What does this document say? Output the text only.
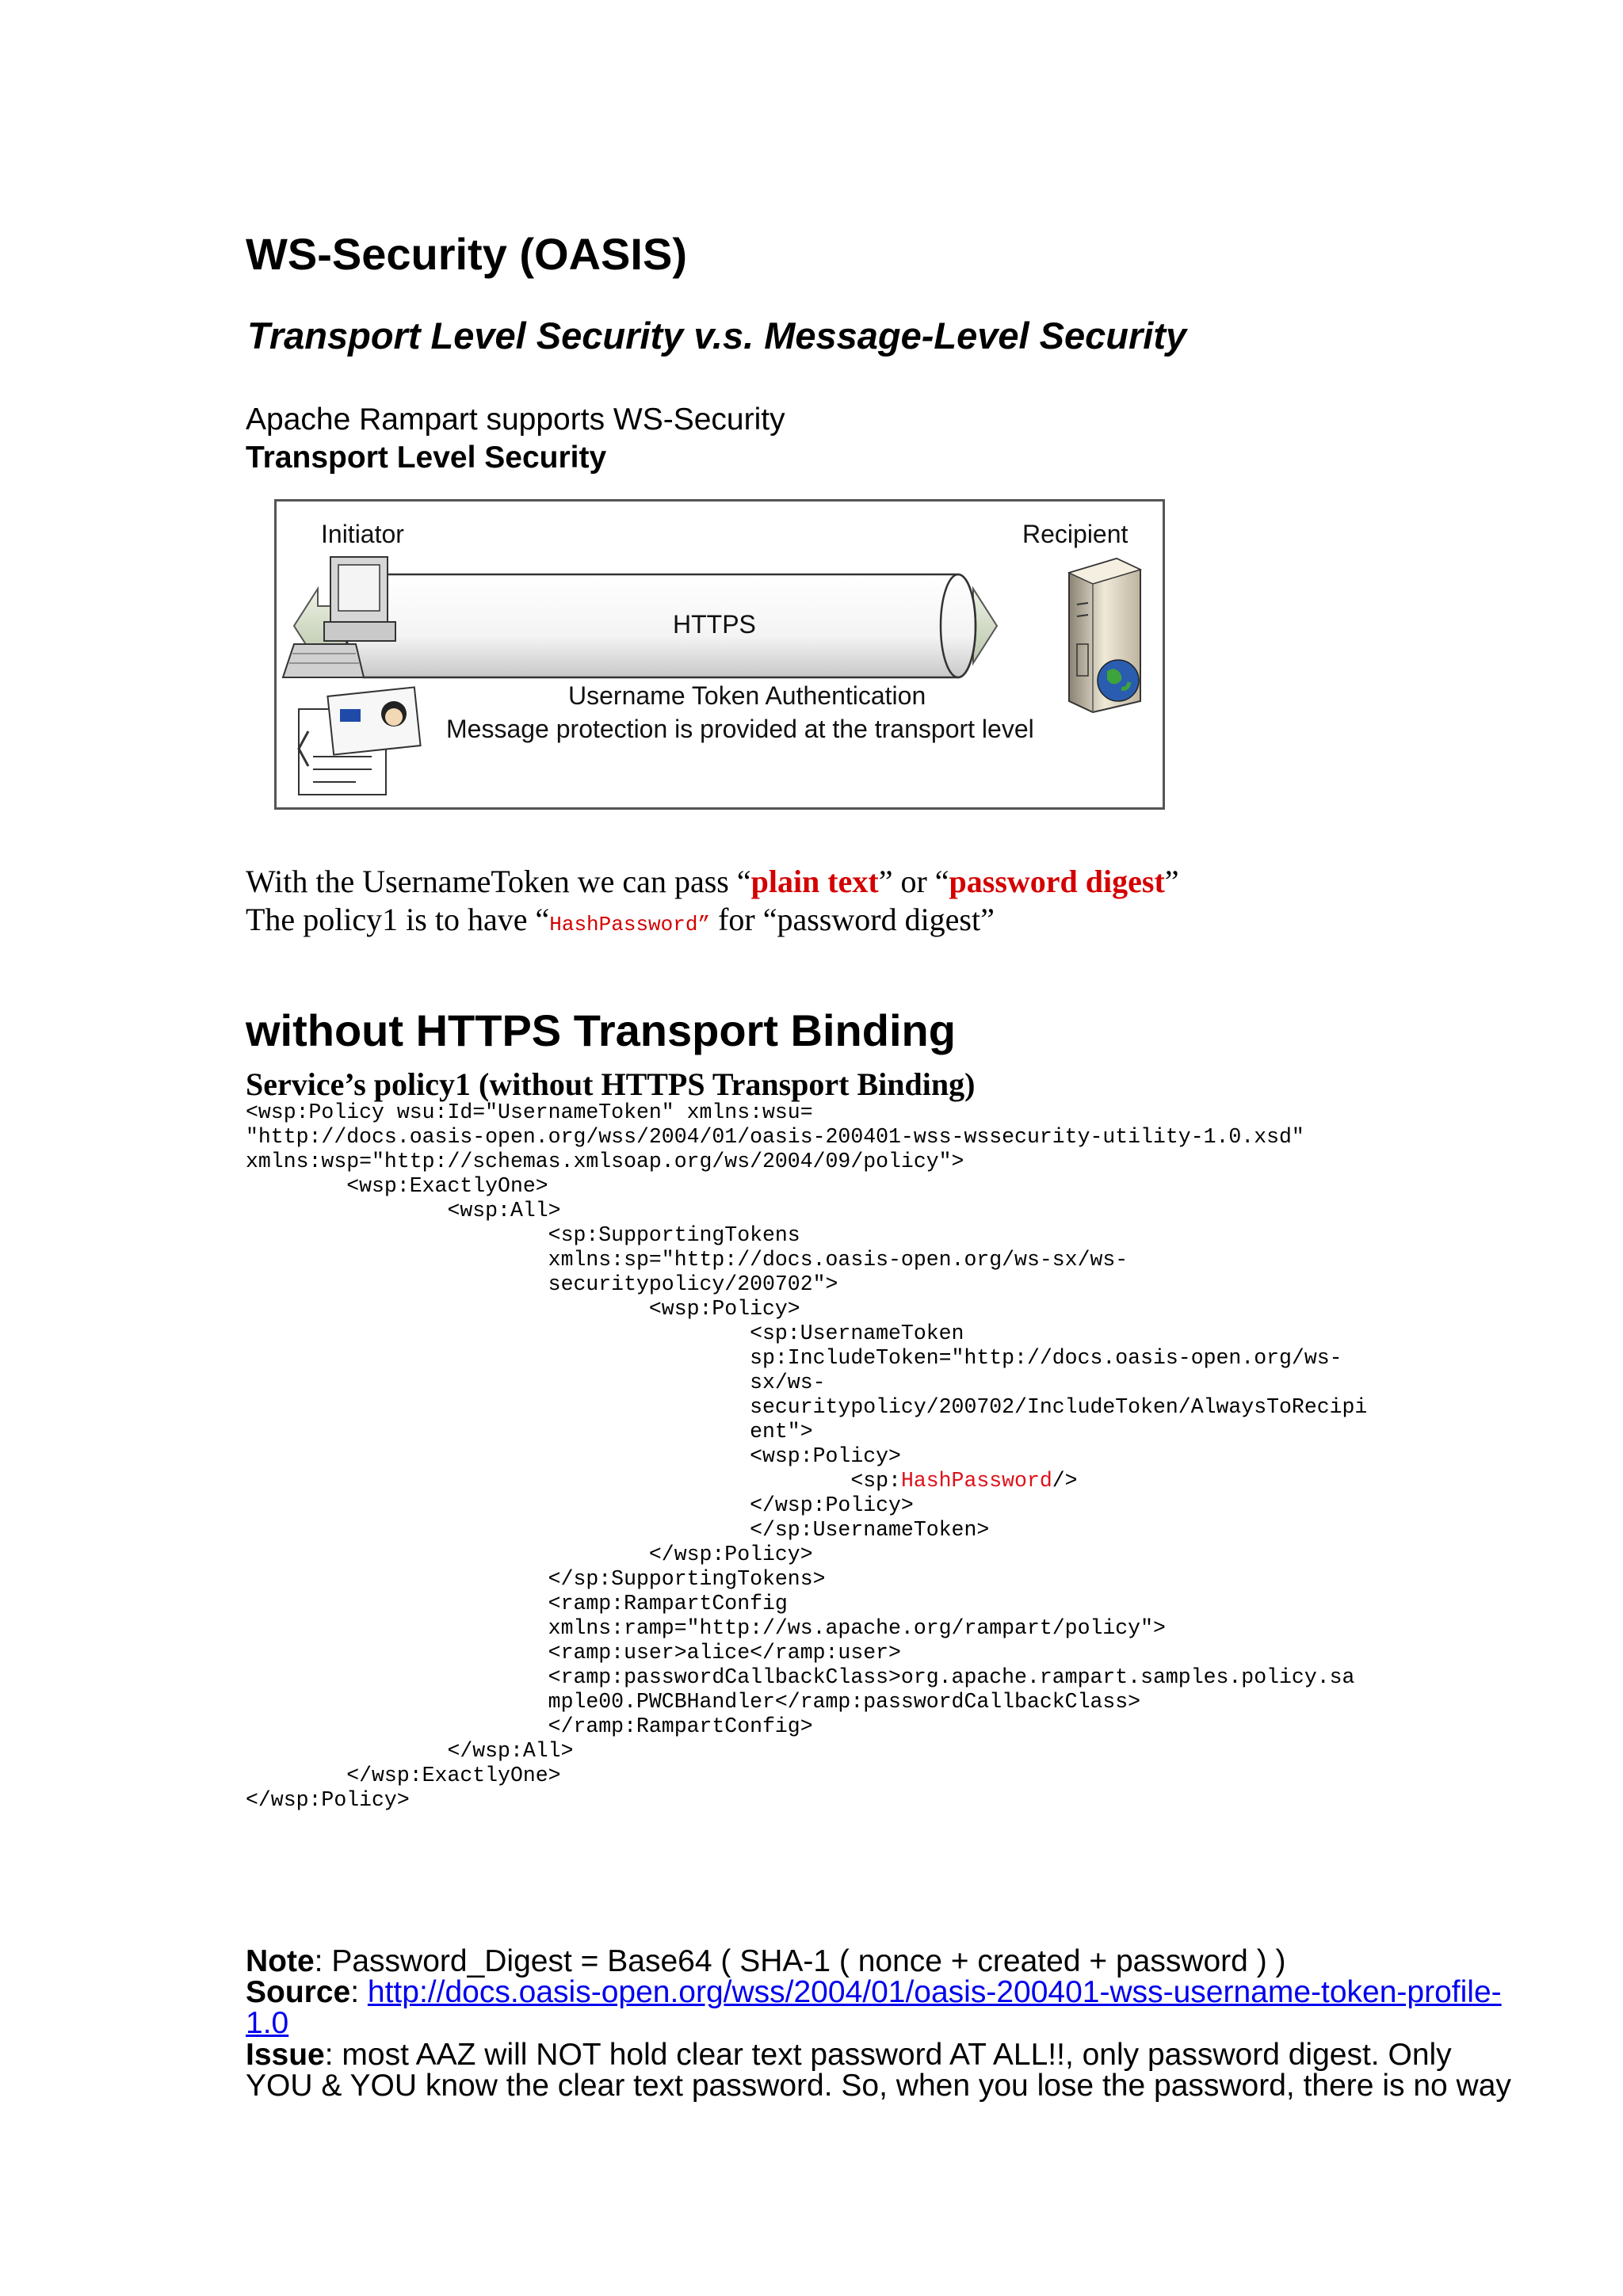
WS-Security (OASIS)
Transport Level Security v.s. Message-Level Security
Apache Rampart supports WS-Security
Transport Level Security
Initiator	Recipient
HTTPS
Username Token Authentication
Message protection is provided at the transport level
With the UsernameToken we can pass “plain text” or “password digest”
The policy1 is to have “HashPassword” for “password digest”
without HTTPS Transport Binding
Service’s policy1 (without HTTPS Transport Binding)
<wsp:Policy wsu:Id="UsernameToken" xmlns:wsu=
"http://docs.oasis-open.org/wss/2004/01/oasis-200401-wss-wssecurity-utility-1.0.xsd"
xmlns:wsp="http://schemas.xmlsoap.org/ws/2004/09/policy">
<wsp:ExactlyOne>
<wsp:All>
<sp:SupportingTokens
xmlns:sp="http://docs.oasis-open.org/ws-sx/ws-
securitypolicy/200702">
<wsp:Policy>
<sp:UsernameToken
sp:IncludeToken="http://docs.oasis-open.org/ws-
sx/ws-
securitypolicy/200702/IncludeToken/AlwaysToRecipi
ent">
<wsp:Policy>
<sp:HashPassword/>
</wsp:Policy>
</sp:UsernameToken>
</wsp:Policy>
</sp:SupportingTokens>
<ramp:RampartConfig
xmlns:ramp="http://ws.apache.org/rampart/policy">
<ramp:user>alice</ramp:user>
<ramp:passwordCallbackClass>org.apache.rampart.samples.policy.sa
mple00.PWCBHandler</ramp:passwordCallbackClass>
</ramp:RampartConfig>
</wsp:All>
</wsp:ExactlyOne>
</wsp:Policy>
Note: Password_Digest = Base64 ( SHA-1 ( nonce + created + password ) )
Source: http://docs.oasis-open.org/wss/2004/01/oasis-200401-wss-username-token-profile-
1.0
Issue: most AAZ will NOT hold clear text password AT ALL!!, only password digest. Only
YOU & YOU know the clear text password. So, when you lose the password, there is no way
